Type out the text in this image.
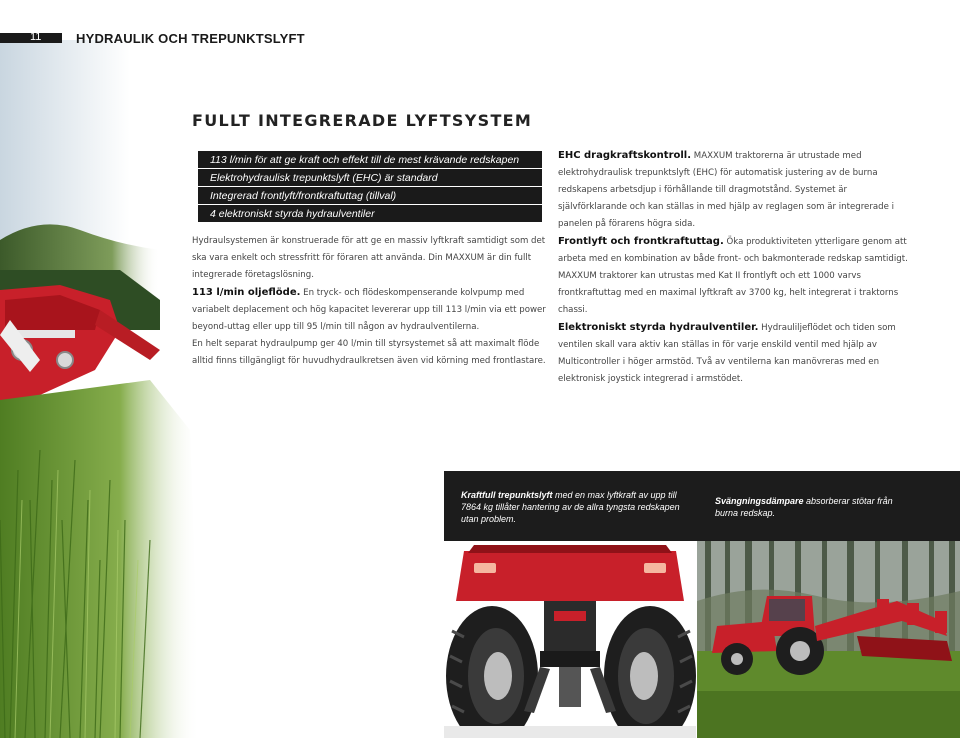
11	HYDRAULIK OCH TREPUNKTSLYFT
FULLT INTEGRERADE LYFTSYSTEM
113 l/min för att ge kraft och effekt till de mest krävande redskapen
Elektrohydraulisk trepunktslyft (EHC) är standard
Integrerad frontlyft/frontkraftuttag (tillval)
4 elektroniskt styrda hydraulventiler

Hydraulsystemen är konstruerade för att ge en massiv lyftkraft samtidigt som det ska vara enkelt och stressfritt för föraren att använda. Din MAXXUM är din fullt integrerade företagslösning.

113 l/min oljeflöde. En tryck- och flödeskompenserande kolvpump med variabelt deplacement och hög kapacitet levererar upp till 113 l/min via ett power beyond-uttag eller upp till 95 l/min till någon av hydraulventilerna.

En helt separat hydraulpump ger 40 l/min till styrsystemet så att maximalt flöde alltid finns tillgängligt för huvudhydraulkretsen även vid körning med frontlastare.

EHC dragkraftskontroll. MAXXUM traktorerna är utrustade med elektrohydraulisk trepunktslyft (EHC) för automatisk justering av de burna redskapens arbetsdjup i förhållande till dragmotstånd. Systemet är självförklarande och kan ställas in med hjälp av reglagen som är integrerade i panelen på förarens högra sida.

Frontlyft och frontkraftuttag. Öka produktiviteten ytterligare genom att arbeta med en kombination av både front- och bakmonterade redskap samtidigt. MAXXUM traktorer kan utrustas med Kat II frontlyft och ett 1000 varvs frontkraftuttag med en maximal lyftkraft av 3700 kg, helt integrerat i traktorns chassi.

Elektroniskt styrda hydraulventiler. Hydrauliljeflödet och tiden som ventilen skall vara aktiv kan ställas in för varje enskild ventil med hjälp av Multicontroller i höger armstöd. Två av ventilerna kan manövreras med en elektronisk joystick integrerad i armstödet.

Kraftfull trepunktslyft med en max lyftkraft av upp till 7864 kg tillåter hantering av de allra tyngsta redskapen utan problem.
Svängningsdämpare absorberar stötar från burna redskap.
